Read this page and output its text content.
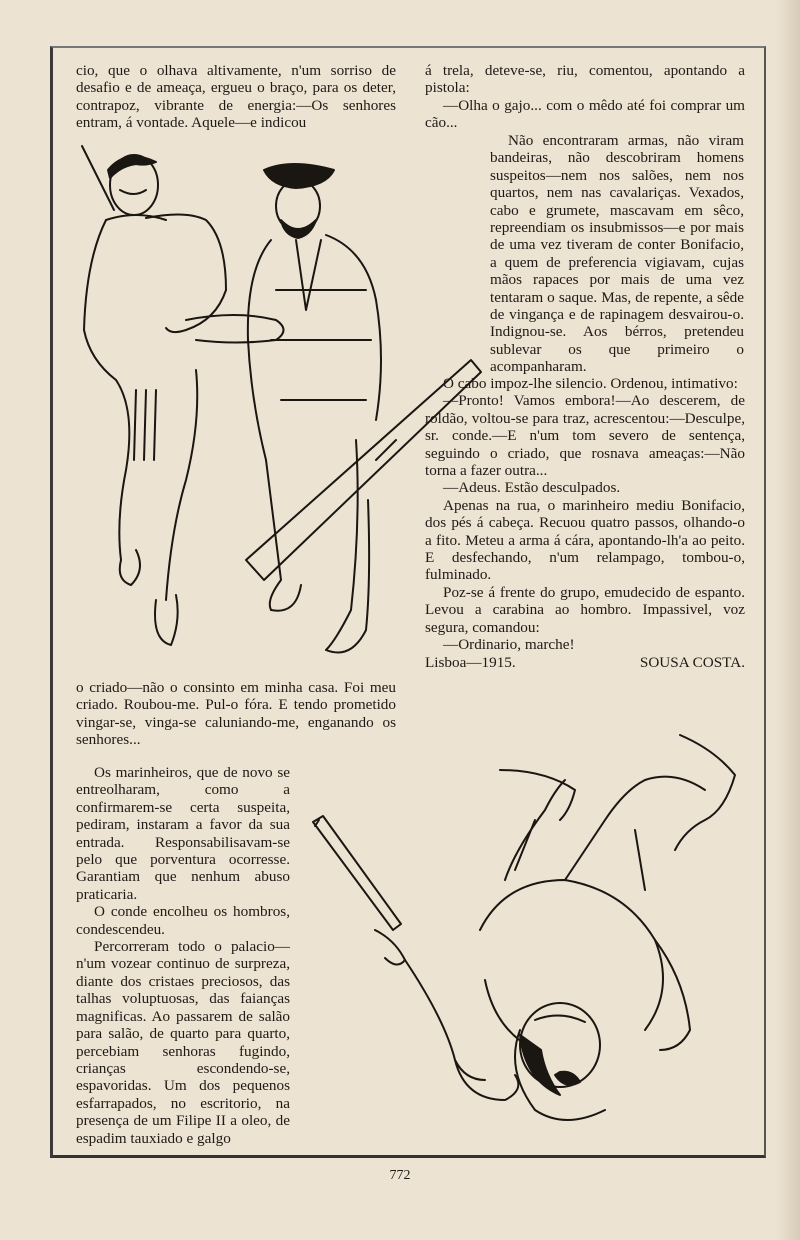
cio, que o olhava altivamente, n'um sorriso de desafio e de ameaça, ergueu o braço, para os deter, contrapoz, vibrante de energia:—Os senhores entram, á vontade. Aquele—e indicou

o criado—não o consinto em minha casa. Foi meu criado. Roubou-me. Pul-o fóra. E tendo prometido vingar-se, vinga-se caluniando-me, enganando os senhores...

Os marinheiros, que de novo se entreolharam, como a confirmarem-se certa suspeita, pediram, instaram a favor da sua entrada. Responsabilisavam-se pelo que porventura ocorresse. Garantiam que nenhum abuso praticaria.

O conde encolheu os hombros, condescendeu.

Percorreram todo o palacio—n'um vozear continuo de surpreza, diante dos cristaes preciosos, das talhas voluptuosas, das faianças magnificas. Ao passarem de salão para salão, de quarto para quarto, percebiam senhoras fugindo, crianças escondendo-se, espavoridas. Um dos pequenos esfarrapados, no escritorio, na presença de um Filipe II a oleo, de espadim tauxiado e galgo

á trela, deteve-se, riu, comentou, apontando a pistola:

—Olha o gajo... com o mêdo até foi comprar um cão...

Não encontraram armas, não viram bandeiras, não descobriram homens suspeitos—nem nos salões, nem nos quartos, nem nas cavalariças. Vexados, cabo e grumete, mascavam em sêco, repreendiam os insubmissos—e por mais de uma vez tiveram de conter Bonifacio, a quem de preferencia vigiavam, cujas mãos rapaces por mais de uma vez tentaram o saque. Mas, de repente, a sêde de vingança e de rapinagem desvairou-o. Indignou-se. Aos bérros, pretendeu sublevar os que primeiro o acompanharam.

O cabo impoz-lhe silencio. Ordenou, intimativo:

—Pronto! Vamos embora!—Ao descerem, de roldão, voltou-se para traz, acrescentou:—Desculpe, sr. conde.—E n'um tom severo de sentença, seguindo o criado, que rosnava ameaças:—Não torna a fazer outra...

—Adeus. Estão desculpados.

Apenas na rua, o marinheiro mediu Bonifacio, dos pés á cabeça. Recuou quatro passos, olhando-o a fito. Meteu a arma á cára, apontando-lh'a ao peito. E desfechando, n'um relampago, tombou-o, fulminado.

Poz-se á frente do grupo, emudecido de espanto. Levou a carabina ao hombro. Impassivel, voz segura, comandou:

—Ordinario, marche!

Lisboa—1915.	SOUSA COSTA.
772
